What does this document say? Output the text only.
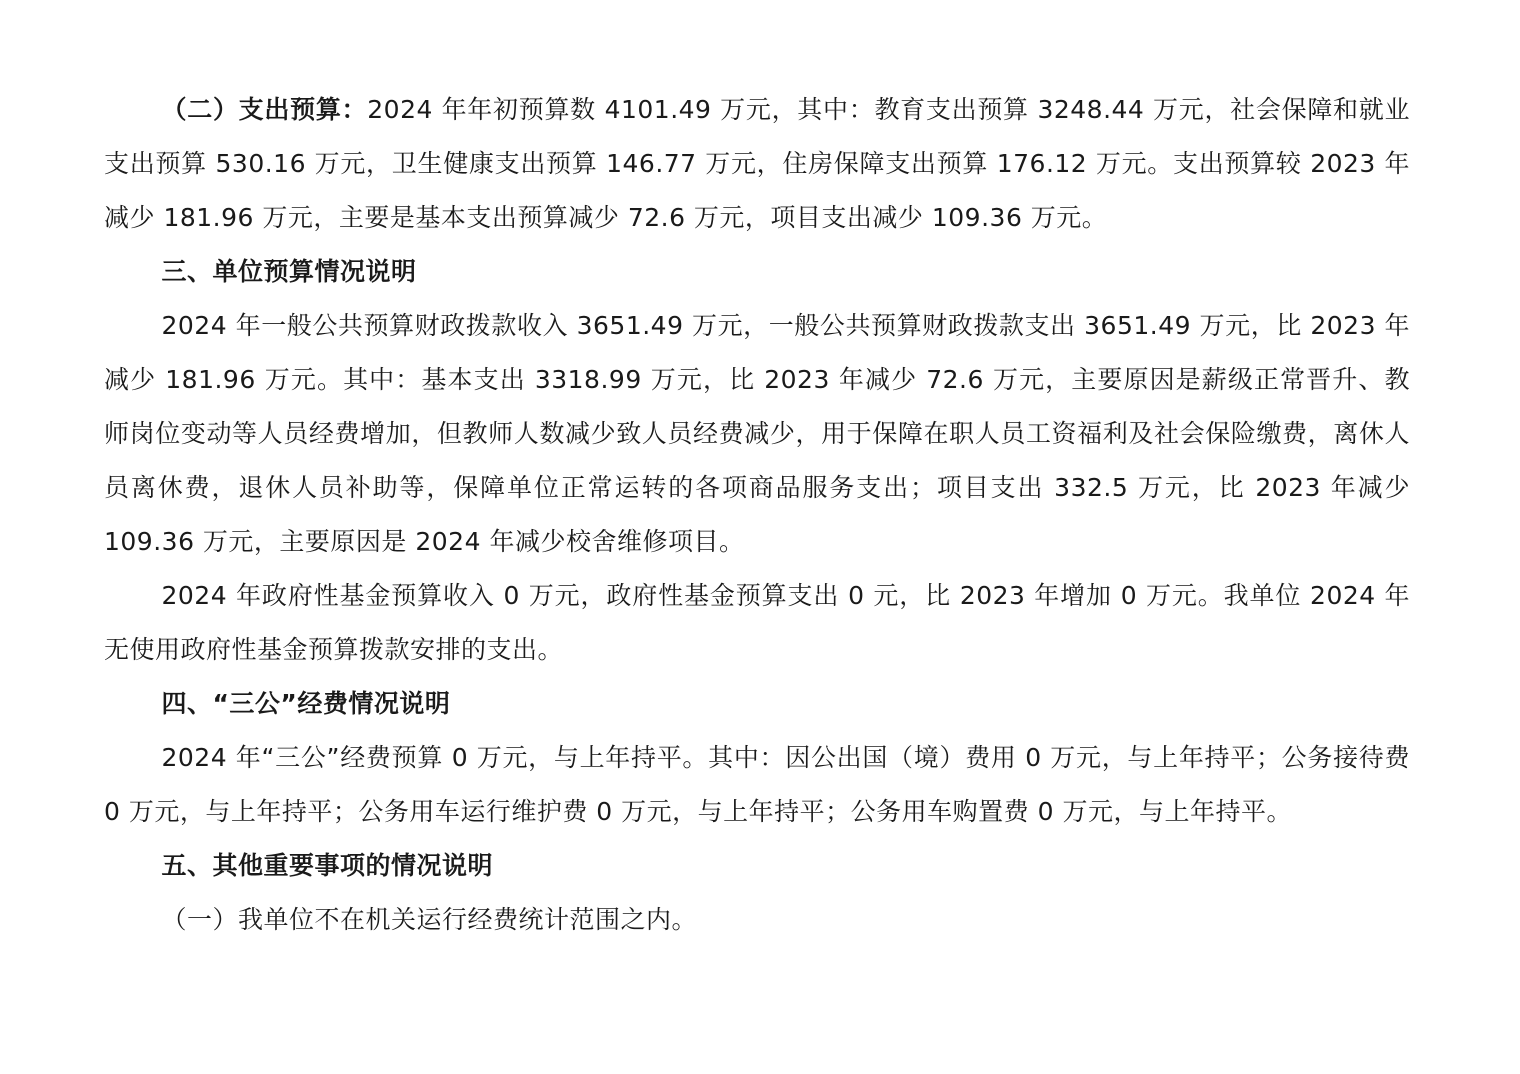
（二）支出预算：2024 年年初预算数 4101.49 万元，其中：教育支出预算 3248.44 万元，社会保障和就业支出预算 530.16 万元，卫生健康支出预算 146.77 万元，住房保障支出预算 176.12 万元。支出预算较 2023 年减少 181.96 万元，主要是基本支出预算减少 72.6 万元，项目支出减少 109.36 万元。

三、单位预算情况说明

2024 年一般公共预算财政拨款收入 3651.49 万元，一般公共预算财政拨款支出 3651.49 万元，比 2023 年减少 181.96 万元。其中：基本支出 3318.99 万元，比 2023 年减少 72.6 万元，主要原因是薪级正常晋升、教师岗位变动等人员经费增加，但教师人数减少致人员经费减少，用于保障在职人员工资福利及社会保险缴费，离休人员离休费，退休人员补助等，保障单位正常运转的各项商品服务支出；项目支出 332.5 万元，比 2023 年减少 109.36 万元，主要原因是 2024 年减少校舍维修项目。

2024 年政府性基金预算收入 0 万元，政府性基金预算支出 0 元，比 2023 年增加 0 万元。我单位 2024 年无使用政府性基金预算拨款安排的支出。

四、“三公”经费情况说明

2024 年“三公”经费预算 0 万元，与上年持平。其中：因公出国（境）费用 0 万元，与上年持平；公务接待费 0 万元，与上年持平；公务用车运行维护费 0 万元，与上年持平；公务用车购置费 0 万元，与上年持平。

五、其他重要事项的情况说明

（一）我单位不在机关运行经费统计范围之内。
